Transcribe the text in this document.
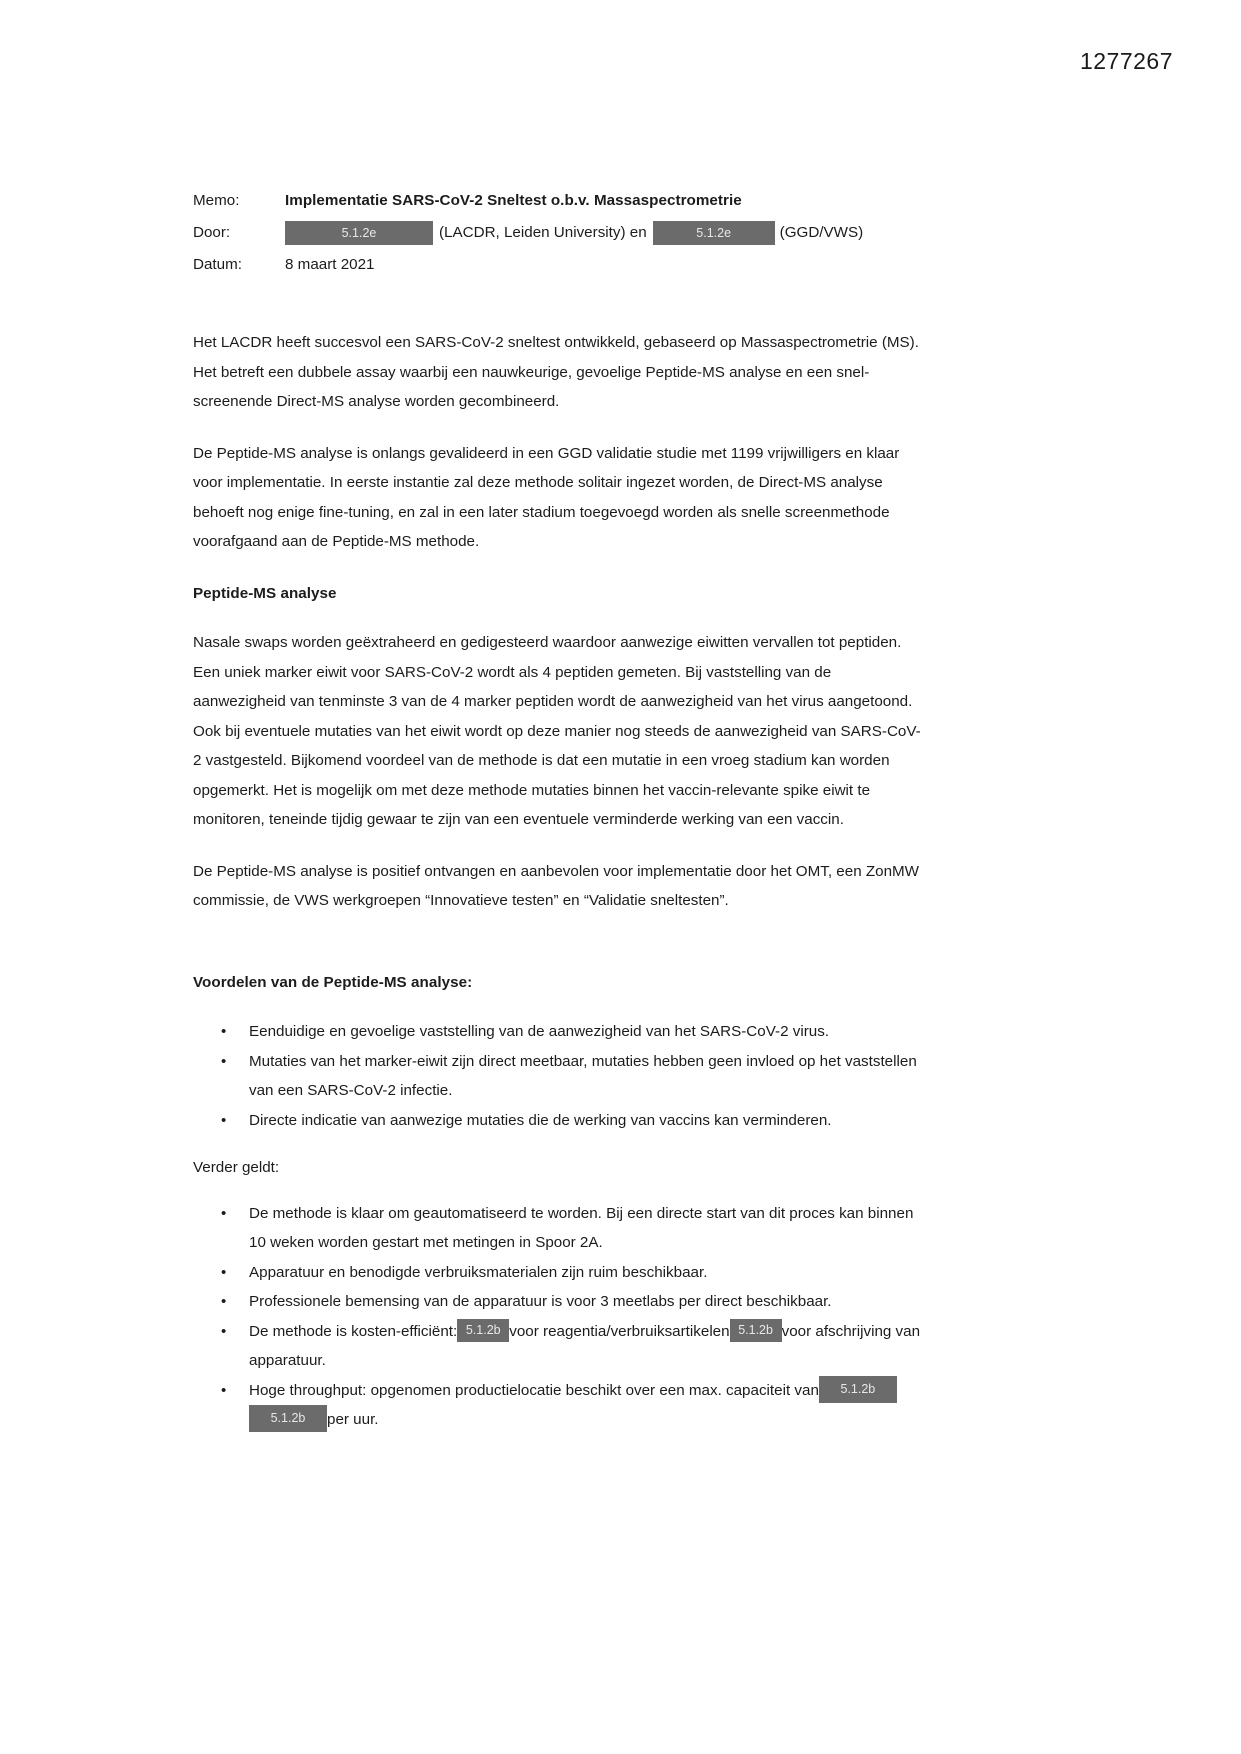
1277267
Memo:	Implementatie SARS-CoV-2 Sneltest o.b.v. Massaspectrometrie
Door:	5.1.2e	(LACDR, Leiden University) en	5.1.2e	(GGD/VWS)
Datum:	8 maart 2021

Het LACDR heeft succesvol een SARS-CoV-2 sneltest ontwikkeld, gebaseerd op Massaspectrometrie (MS). Het betreft een dubbele assay waarbij een nauwkeurige, gevoelige Peptide-MS analyse en een snel-screenende Direct-MS analyse worden gecombineerd.

De Peptide-MS analyse is onlangs gevalideerd in een GGD validatie studie met 1199 vrijwilligers en klaar voor implementatie. In eerste instantie zal deze methode solitair ingezet worden, de Direct-MS analyse behoeft nog enige fine-tuning, en zal in een later stadium toegevoegd worden als snelle screenmethode voorafgaand aan de Peptide-MS methode.

Peptide-MS analyse

Nasale swaps worden geëxtraheerd en gedigesteerd waardoor aanwezige eiwitten vervallen tot peptiden. Een uniek marker eiwit voor SARS-CoV-2 wordt als 4 peptiden gemeten. Bij vaststelling van de aanwezigheid van tenminste 3 van de 4 marker peptiden wordt de aanwezigheid van het virus aangetoond. Ook bij eventuele mutaties van het eiwit wordt op deze manier nog steeds de aanwezigheid van SARS-CoV-2 vastgesteld. Bijkomend voordeel van de methode is dat een mutatie in een vroeg stadium kan worden opgemerkt. Het is mogelijk om met deze methode mutaties binnen het vaccin-relevante spike eiwit te monitoren, teneinde tijdig gewaar te zijn van een eventuele verminderde werking van een vaccin.

De Peptide-MS analyse is positief ontvangen en aanbevolen voor implementatie door het OMT, een ZonMW commissie, de VWS werkgroepen “Innovatieve testen” en “Validatie sneltesten”.

Voordelen van de Peptide-MS analyse:
• Eenduidige en gevoelige vaststelling van de aanwezigheid van het SARS-CoV-2 virus.
• Mutaties van het marker-eiwit zijn direct meetbaar, mutaties hebben geen invloed op het vaststellen van een SARS-CoV-2 infectie.
• Directe indicatie van aanwezige mutaties die de werking van vaccins kan verminderen.

Verder geldt:

• De methode is klaar om geautomatiseerd te worden. Bij een directe start van dit proces kan binnen 10 weken worden gestart met metingen in Spoor 2A.
• Apparatuur en benodigde verbruiksmaterialen zijn ruim beschikbaar.
• Professionele bemensing van de apparatuur is voor 3 meetlabs per direct beschikbaar.
• De methode is kosten-efficiënt: 5.1.2b voor reagentia/verbruiksartikelen 5.1.2b voor afschrijving van apparatuur.
• Hoge throughput: opgenomen productielocatie beschikt over een max. capaciteit van 5.1.2b5.1.2b per uur.
